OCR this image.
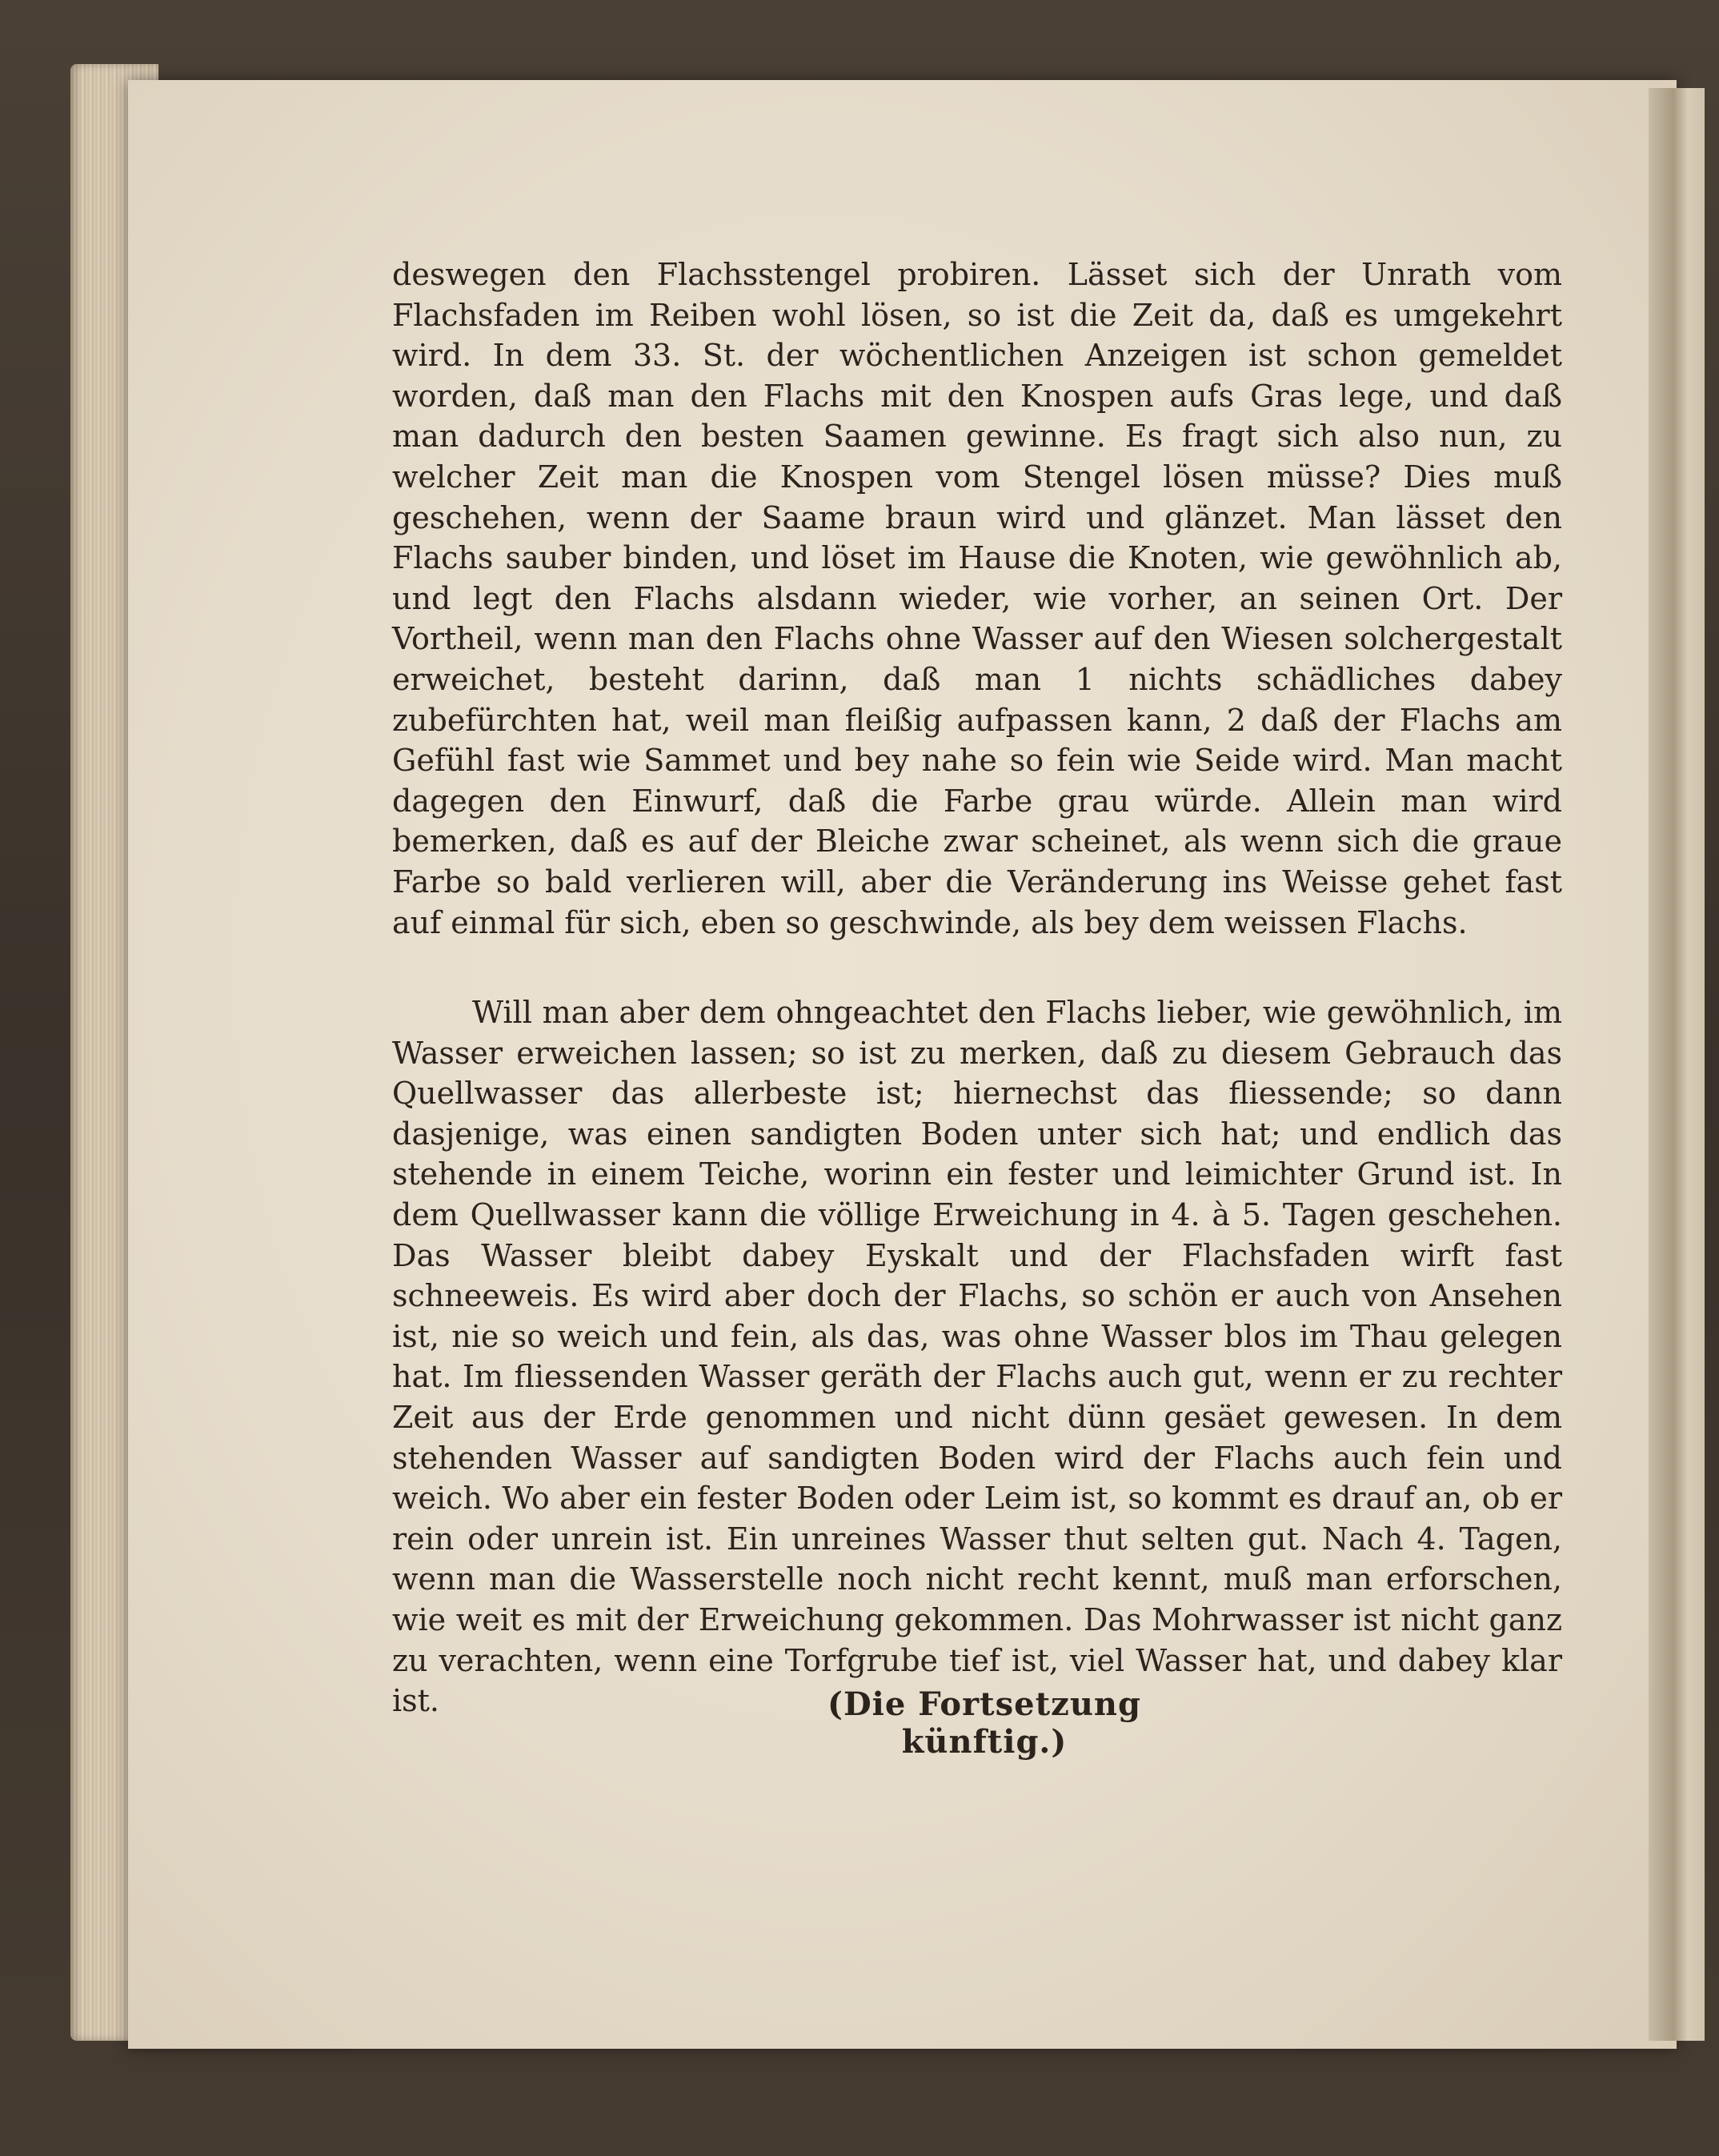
deswegen den Flachsstengel probiren. Lässet sich der Unrath vom Flachsfaden im Reiben wohl lösen, so ist die Zeit da, daß es umgekehrt wird. In dem 33. St. der wöchentlichen Anzeigen ist schon gemeldet worden, daß man den Flachs mit den Knospen aufs Gras lege, und daß man dadurch den besten Saamen gewinne. Es fragt sich also nun, zu welcher Zeit man die Knospen vom Stengel lösen müsse? Dies muß geschehen, wenn der Saame braun wird und glänzet. Man lässet den Flachs sauber binden, und löset im Hause die Knoten, wie gewöhnlich ab, und legt den Flachs alsdann wieder, wie vorher, an seinen Ort. Der Vortheil, wenn man den Flachs ohne Wasser auf den Wiesen solchergestalt erweichet, besteht darinn, daß man 1 nichts schädliches dabey zubefürchten hat, weil man fleißig aufpassen kann, 2 daß der Flachs am Gefühl fast wie Sammet und bey nahe so fein wie Seide wird. Man macht dagegen den Einwurf, daß die Farbe grau würde. Allein man wird bemerken, daß es auf der Bleiche zwar scheinet, als wenn sich die graue Farbe so bald verlieren will, aber die Veränderung ins Weisse gehet fast auf einmal für sich, eben so geschwinde, als bey dem weissen Flachs.

Will man aber dem ohngeachtet den Flachs lieber, wie gewöhnlich, im Wasser erweichen lassen; so ist zu merken, daß zu diesem Gebrauch das Quellwasser das allerbeste ist; hiernechst das fliessende; so dann dasjenige, was einen sandigten Boden unter sich hat; und endlich das stehende in einem Teiche, worinn ein fester und leimichter Grund ist. In dem Quellwasser kann die völlige Erweichung in 4. à 5. Tagen geschehen. Das Wasser bleibt dabey Eyskalt und der Flachsfaden wirft fast schneeweis. Es wird aber doch der Flachs, so schön er auch von Ansehen ist, nie so weich und fein, als das, was ohne Wasser blos im Thau gelegen hat. Im fliessenden Wasser geräth der Flachs auch gut, wenn er zu rechter Zeit aus der Erde genommen und nicht dünn gesäet gewesen. In dem stehenden Wasser auf sandigten Boden wird der Flachs auch fein und weich. Wo aber ein fester Boden oder Leim ist, so kommt es drauf an, ob er rein oder unrein ist. Ein unreines Wasser thut selten gut. Nach 4. Tagen, wenn man die Wasserstelle noch nicht recht kennt, muß man erforschen, wie weit es mit der Erweichung gekommen. Das Mohrwasser ist nicht ganz zu verachten, wenn eine Torfgrube tief ist, viel Wasser hat, und dabey klar ist.	(Die Fortsetzung künftig.)
